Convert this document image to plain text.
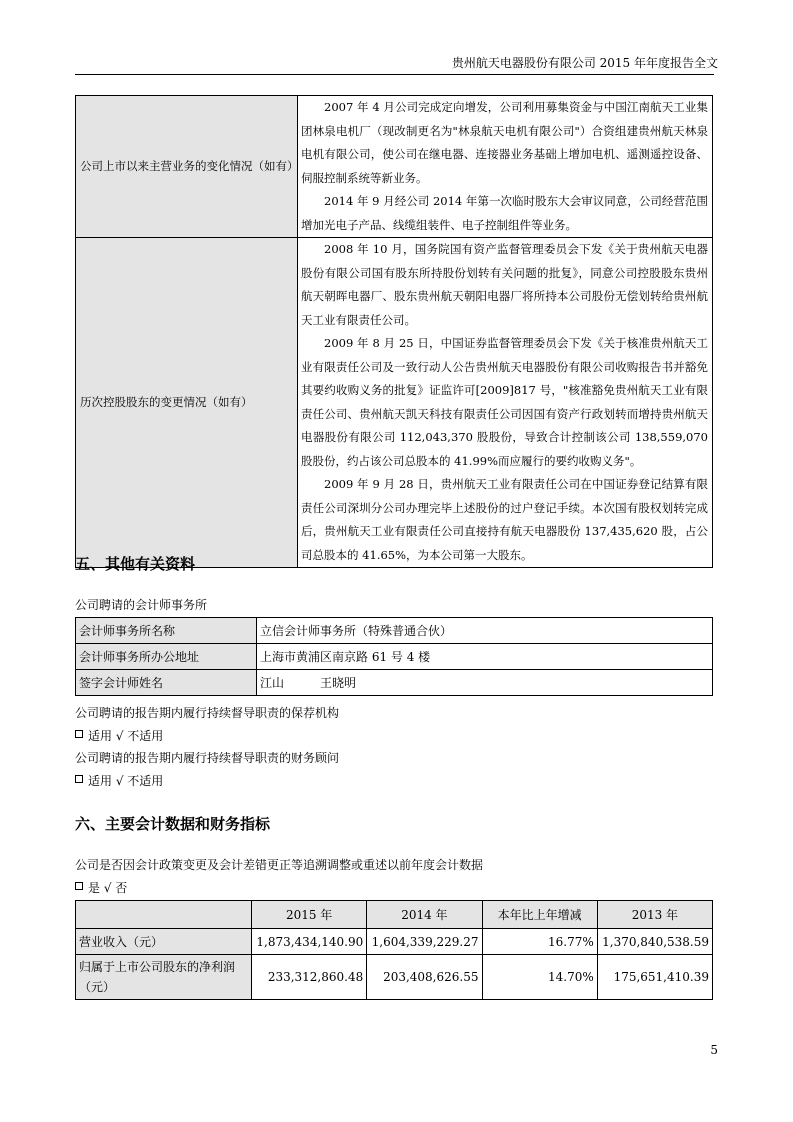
贵州航天电器股份有限公司 2015 年年度报告全文
公司上市以来主营业务的变化情况（如有）	2007 年 4 月公司完成定向增发，公司利用募集资金与中国江南航天工业集团林泉电机厂（现改制更名为"林泉航天电机有限公司"）合资组建贵州航天林泉电机有限公司，使公司在继电器、连接器业务基础上增加电机、遥测遥控设备、伺服控制系统等新业务。

2014 年 9 月经公司 2014 年第一次临时股东大会审议同意，公司经营范围增加光电子产品、线缆组装件、电子控制组件等业务。

历次控股股东的变更情况（如有）	2008 年 10 月，国务院国有资产监督管理委员会下发《关于贵州航天电器股份有限公司国有股东所持股份划转有关问题的批复》，同意公司控股股东贵州航天朝晖电器厂、股东贵州航天朝阳电器厂将所持本公司股份无偿划转给贵州航天工业有限责任公司。

2009 年 8 月 25 日，中国证券监督管理委员会下发《关于核准贵州航天工业有限责任公司及一致行动人公告贵州航天电器股份有限公司收购报告书并豁免其要约收购义务的批复》证监许可[2009]817 号，"核准豁免贵州航天工业有限责任公司、贵州航天凯天科技有限责任公司因国有资产行政划转而增持贵州航天电器股份有限公司 112,043,370 股股份，导致合计控制该公司 138,559,070 股股份，约占该公司总股本的 41.99%而应履行的要约收购义务"。

2009 年 9 月 28 日，贵州航天工业有限责任公司在中国证券登记结算有限责任公司深圳分公司办理完毕上述股份的过户登记手续。本次国有股权划转完成后，贵州航天工业有限责任公司直接持有航天电器股份 137,435,620 股，占公司总股本的 41.65%，为本公司第一大股东。

五、其他有关资料
公司聘请的会计师事务所
会计师事务所名称	立信会计师事务所（特殊普通合伙）
会计师事务所办公地址	上海市黄浦区南京路 61 号 4 楼
签字会计师姓名	江山　　　王晓明
公司聘请的报告期内履行持续督导职责的保荐机构
适用 √ 不适用
公司聘请的报告期内履行持续督导职责的财务顾问
适用 √ 不适用
六、主要会计数据和财务指标
公司是否因会计政策变更及会计差错更正等追溯调整或重述以前年度会计数据
是 √ 否
	2015 年	2014 年	本年比上年增减	2013 年
营业收入（元）	1,873,434,140.90	1,604,339,229.27	16.77%	1,370,840,538.59
归属于上市公司股东的净利润（元）	233,312,860.48	203,408,626.55	14.70%	175,651,410.39
5
